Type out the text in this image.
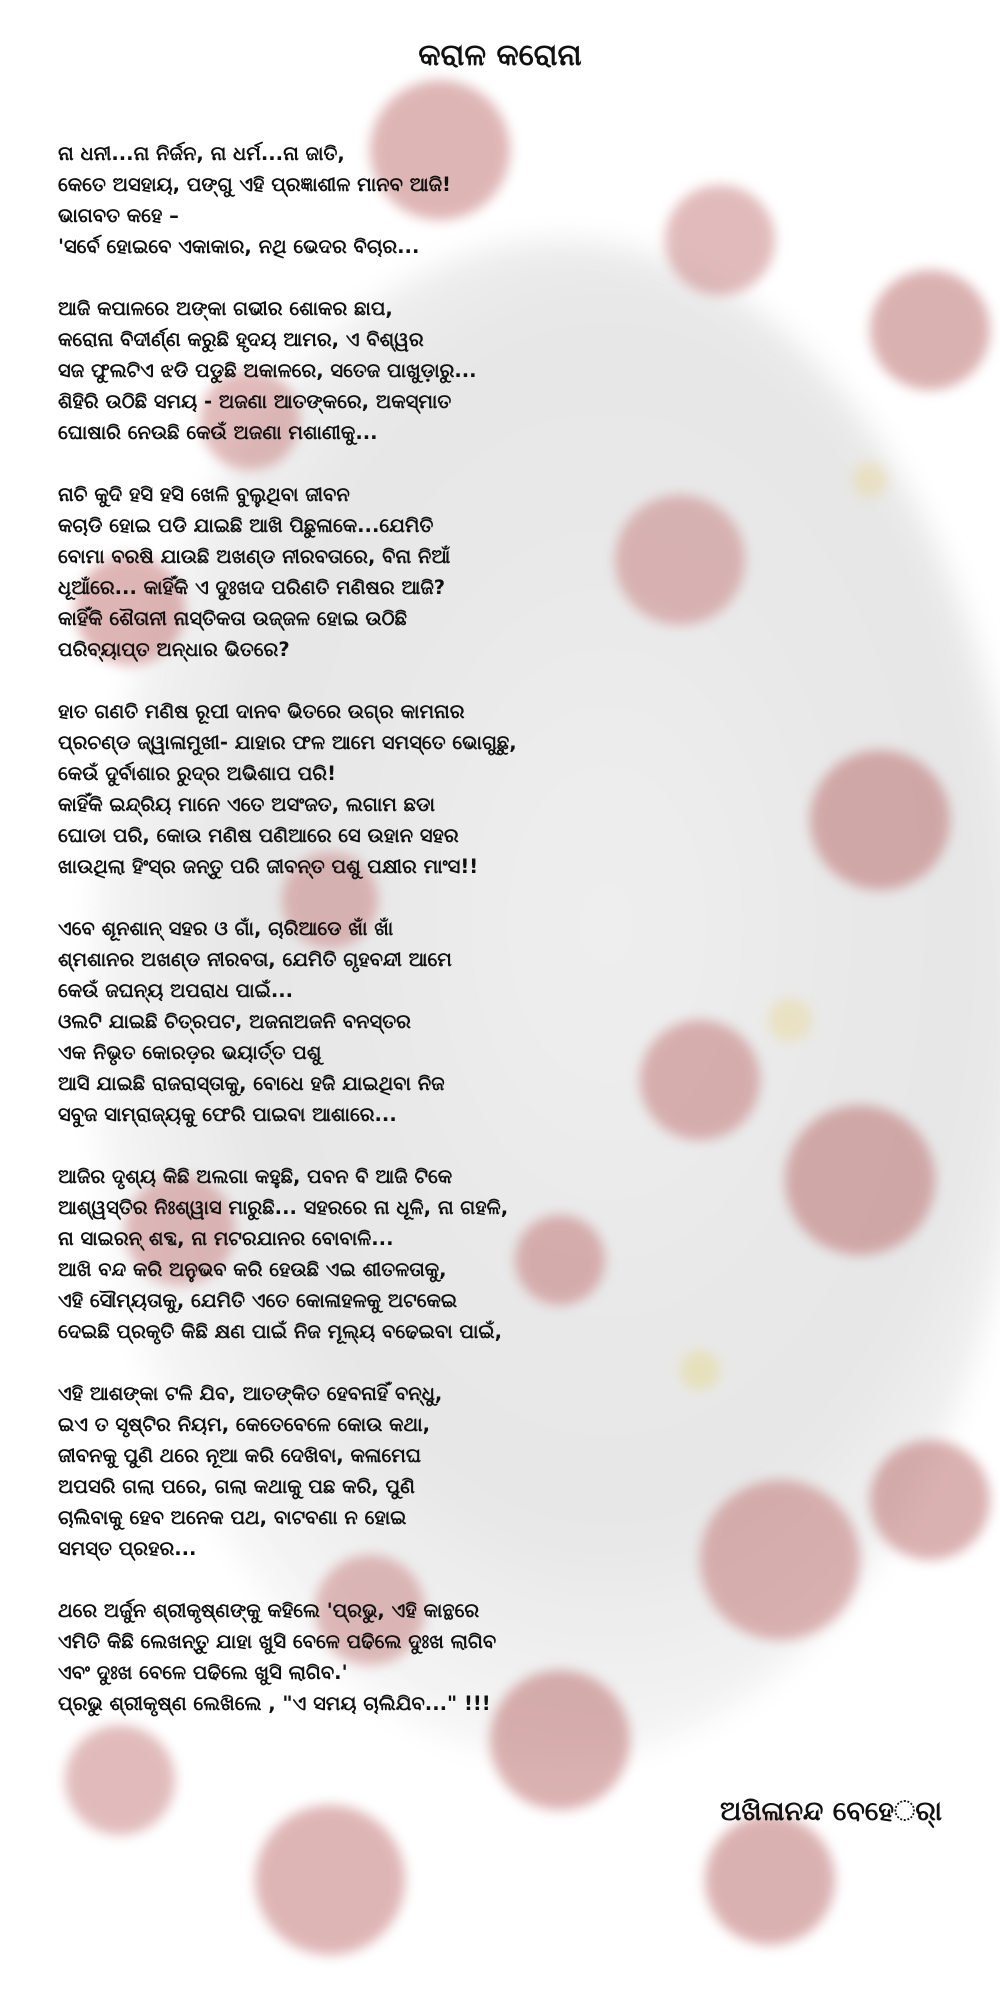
କରାଳ କରୋନା
ନା ଧନୀ...ନା ନିର୍ଜନ, ନା ଧର୍ମ...ନା ଜାତି,
କେତେ ଅସହାୟ, ପଙ୍ଗୁ ଏହି ପ୍ରଜ୍ଞାଶୀଳ ମାନବ ଆଜି!
ଭାଗବତ କହେ –
'ସର୍ବେ ହୋଇବେ ଏକାକାର, ନଥି ଭେଦର ବିଚାର...
ଆଜି କପାଳରେ ଅଙ୍କା ଗଭୀର ଶୋକର ଛାପ,
କରୋନା ବିଦୀର୍ଣ୍ଣ କରୁଛି ହୃଦୟ ଆମର, ଏ ବିଶ୍ୱର
ସଜ ଫୁଲଟିଏ ଝଡି ପଡୁଛି ଅକାଳରେ, ସତେଜ ପାଖୁଡ଼ାରୁ...
ଶିହିରି ଉଠିଛି ସମୟ - ଅଜଣା ଆତଙ୍କରେ, ଅକସ୍ମାତ
ଘୋଷାରି ନେଉଛି କେଉଁ ଅଜଣା ମଶାଣୀକୁ...
ନାଚି କୁଦି ହସି ହସି ଖେଳି ବୁଲୁଥିବା ଜୀବନ
କଚାଡି ହୋଇ ପଡି ଯାଇଛି ଆଖି ପିଛୁଳାକେ...ଯେମିତି
ବୋମା ବରଷି ଯାଉଛି ଅଖଣ୍ଡ ନୀରବତାରେ, ବିନା ନିଆଁ
ଧୂଆଁରେ... କାହିଁକି ଏ ଦୁଃଖଦ ପରିଣତି ମଣିଷର ଆଜି?
କାହିଁକି ଶୈତାନୀ ନାସ୍ତିକତା ଉଜ୍ଜଳ ହୋଇ ଉଠିଛି
ପରିବ୍ୟାପ୍ତ ଅନ୍ଧାର ଭିତରେ?
ହାତ ଗଣତି ମଣିଷ ରୂପୀ ଦାନବ ଭିତରେ ଉଗ୍ର କାମନାର
ପ୍ରଚଣ୍ଡ ଜ୍ୱାଳାମୁଖୀ- ଯାହାର ଫଳ ଆମେ ସମସ୍ତେ ଭୋଗୁଛୁ,
କେଉଁ ଦୁର୍ବାଶାର ରୁଦ୍ର ଅଭିଶାପ ପରି!
କାହିଁକି ଇନ୍ଦ୍ରିୟ ମାନେ ଏତେ ଅସଂଜତ, ଲଗାମ ଛଡା
ଘୋଡା ପରି, କୋଉ ମଣିଷ ପଣିଆରେ ସେ ଉହାନ ସହର
ଖାଉଥିଲା ହିଂସ୍ର ଜନ୍ତୁ ପରି ଜୀବନ୍ତ ପଶୁ ପକ୍ଷୀର ମାଂସ!!
ଏବେ ଶୂନଶାନ୍ ସହର ଓ ଗାଁ, ଚାରିଆଡେ ଖାଁ ଖାଁ
ଶ୍ମଶାନର ଅଖଣ୍ଡ ନୀରବତା, ଯେମିତି ଗୃହବନ୍ଦୀ ଆମେ
କେଉଁ ଜଘନ୍ୟ ଅପରାଧ ପାଇଁ...
ଓଲଟି ଯାଇଛି ଚିତ୍ରପଟ, ଅଜନାଅଜନି ବନସ୍ତର
ଏକ ନିଭୃତ କୋରଡ଼ର ଭୟାର୍ତ୍ତ ପଶୁ
ଆସି ଯାଇଛି ରାଜରାସ୍ତାକୁ, ବୋଧେ ହଜି ଯାଇଥିବା ନିଜ
ସବୁଜ ସାମ୍ରାଜ୍ୟକୁ ଫେରି ପାଇବା ଆଶାରେ...
ଆଜିର ଦୃଶ୍ୟ କିଛି ଅଲଗା କହୁଛି, ପବନ ବି ଆଜି ଟିକେ
ଆଶ୍ୱସ୍ତିର ନିଃଶ୍ୱାସ ମାରୁଛି... ସହରରେ ନା ଧୂଳି, ନା ଗହଳି,
ନା ସାଇରନ୍ ଶବ୍ଦ, ନା ମଟରଯାନର ବୋବାଳି...
ଆଖି ବନ୍ଦ କରି ଅନୁଭବ କରି ହେଉଛି ଏଇ ଶୀତଳତାକୁ,
ଏହି ସୌମ୍ୟତାକୁ, ଯେମିତି ଏତେ କୋଳାହଳକୁ ଅଟକେଇ
ଦେଇଛି ପ୍ରକୃତି କିଛି କ୍ଷଣ ପାଇଁ ନିଜ ମୂଲ୍ୟ ବଢେଇବା ପାଇଁ,
ଏହି ଆଶଙ୍କା ଟଳି ଯିବ, ଆତଙ୍କିତ ହେବନାହିଁ ବନ୍ଧୁ,
ଇଏ ତ ସୃଷ୍ଟିର ନିୟମ, କେତେବେଳେ କୋଉ କଥା,
ଜୀବନକୁ ପୁଣି ଥରେ ନୂଆ କରି ଦେଖିବା, କଳାମେଘ
ଅପସରି ଗଲା ପରେ, ଗଲା କଥାକୁ ପଛ କରି, ପୁଣି
ଚାଲିବାକୁ ହେବ ଅନେକ ପଥ, ବାଟବଣା ନ ହୋଇ
ସମସ୍ତ ପ୍ରହର...
ଥରେ ଅର୍ଜୁନ ଶ୍ରୀକୃଷ୍ଣଙ୍କୁ କହିଲେ 'ପ୍ରଭୁ, ଏହି କାନ୍ଥରେ
ଏମିତି କିଛି ଲେଖନ୍ତୁ ଯାହା ଖୁସି ବେଳେ ପଢିଲେ ଦୁଃଖ ଲାଗିବ
ଏବଂ ଦୁଃଖ ବେଳେ ପଢିଲେ ଖୁସି ଲାଗିବ.'
ପ୍ରଭୁ ଶ୍ରୀକୃଷ୍ଣ ଲେଖିଲେ , "ଏ ସମୟ ଚାଲିଯିବ..." !!!
ଅଖିଳାନନ୍ଦ ବେହେର୍ା
